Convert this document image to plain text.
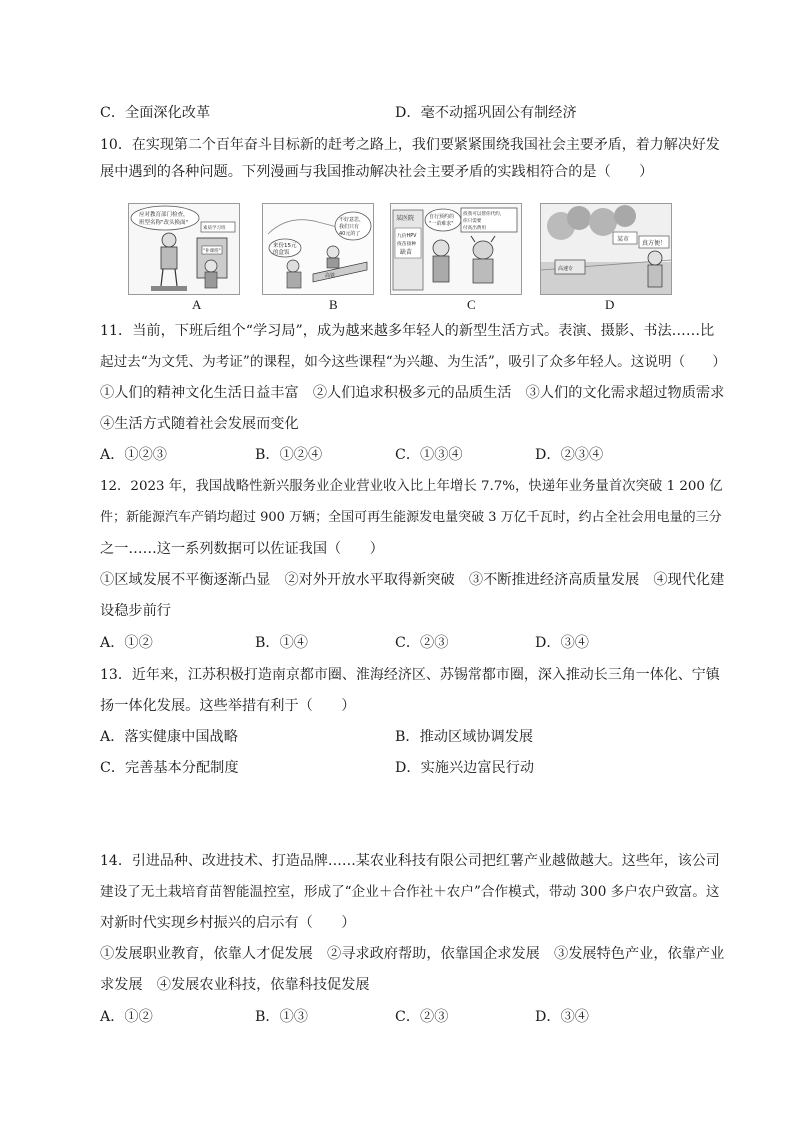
C．全面深化改革	D．毫不动摇巩固公有制经济
10．在实现第二个百年奋斗目标新的赶考之路上，我们要紧紧围绕我国社会主要矛盾，着力解决好发
展中遇到的各种问题。下列漫画与我国推动解决社会主要矛盾的实践相符合的是（　　）
应对教育部门检查，
班型名称"改头换面"
素质学习班
"补课班"
来份15元
的盒饭
不好意思，
我们只有
40元的了
高铁
某医院
九价HPV
疫苗接种
缺苗
自行预约的
"一苗难求"
找我可以帮你代约，
你只需要
付高出费用
高速专
某市
真方便！
A	B	C	D
11．当前，下班后组个“学习局”，成为越来越多年轻人的新型生活方式。表演、摄影、书法……比
起过去“为文凭、为考证”的课程，如今这些课程“为兴趣、为生活”，吸引了众多年轻人。这说明（　　）
①人们的精神文化生活日益丰富　②人们追求积极多元的品质生活　③人们的文化需求超过物质需求
④生活方式随着社会发展而变化
A．①②③	B．①②④	C．①③④	D．②③④
12．2023 年，我国战略性新兴服务业企业营业收入比上年增长 7.7%，快递年业务量首次突破 1 200 亿
件；新能源汽车产销均超过 900 万辆；全国可再生能源发电量突破 3 万亿千瓦时，约占全社会用电量的三分
之一……这一系列数据可以佐证我国（　　）
①区域发展不平衡逐渐凸显　②对外开放水平取得新突破　③不断推进经济高质量发展　④现代化建
设稳步前行
A．①②	B．①④	C．②③	D．③④
13．近年来，江苏积极打造南京都市圈、淮海经济区、苏锡常都市圈，深入推动长三角一体化、宁镇
扬一体化发展。这些举措有利于（　　）
A．落实健康中国战略	B．推动区域协调发展
C．完善基本分配制度	D．实施兴边富民行动
14．引进品种、改进技术、打造品牌……某农业科技有限公司把红薯产业越做越大。这些年，该公司
建设了无土栽培育苗智能温控室，形成了“企业＋合作社＋农户”合作模式，带动 300 多户农户致富。这
对新时代实现乡村振兴的启示有（　　）
①发展职业教育，依靠人才促发展　②寻求政府帮助，依靠国企求发展　③发展特色产业，依靠产业
求发展　④发展农业科技，依靠科技促发展
A．①②	B．①③	C．②③	D．③④
